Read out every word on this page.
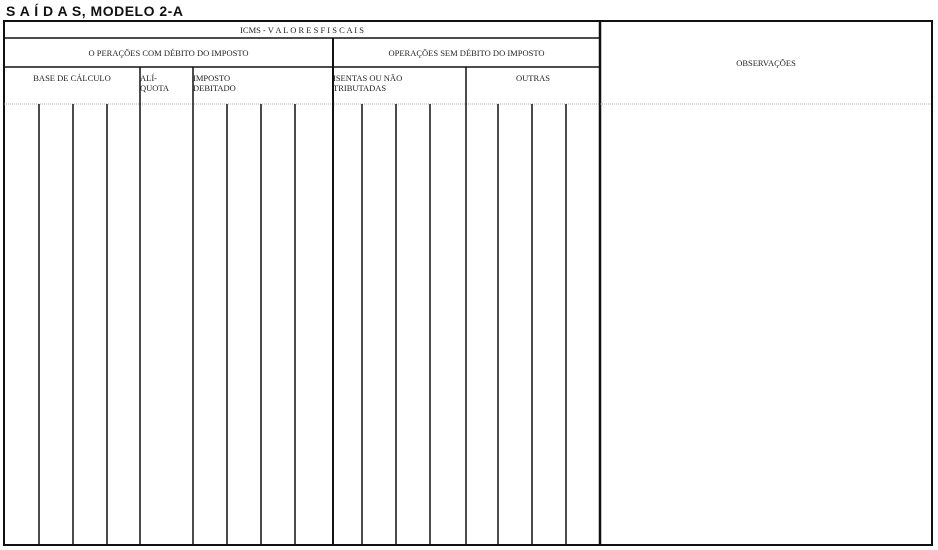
S A Í D A S, MODELO 2-A
ICMS - V A L O R E S F I S C A I S
O PERAÇÕES COM DÉBITO DO IMPOSTO	OPERAÇÕES SEM DÉBITO DO IMPOSTO
OBSERVAÇÕES
BASE DE CÁLCULO	ALÍ-
QUOTA
IMPOSTO
DEBITADO
ISENTAS OU NÃO
TRIBUTADAS
OUTRAS
